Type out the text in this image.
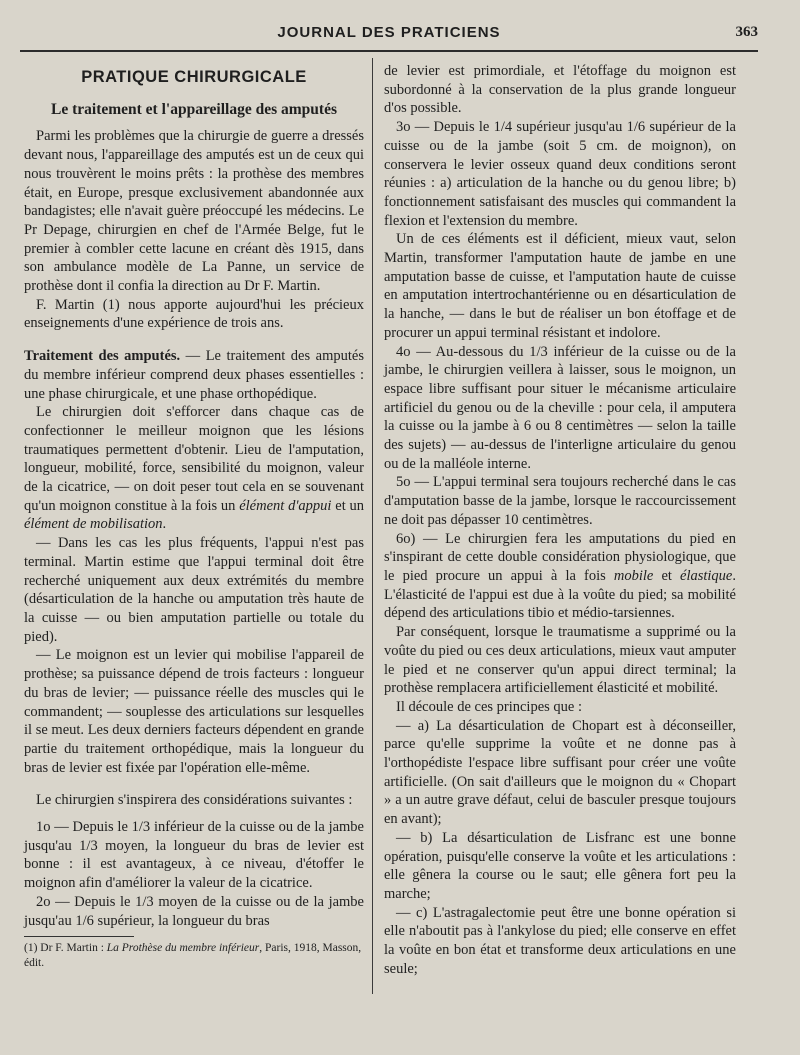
JOURNAL DES PRATICIENS	363
PRATIQUE CHIRURGICALE
Le traitement et l'appareillage des amputés

Parmi les problèmes que la chirurgie de guerre a dressés devant nous, l'appareillage des amputés est un de ceux qui nous trouvèrent le moins prêts : la prothèse des membres était, en Europe, presque exclusivement abandonnée aux bandagistes; elle n'avait guère préoccupé les médecins. Le Pr Depage, chirurgien en chef de l'Armée Belge, fut le premier à combler cette lacune en créant dès 1915, dans son ambulance modèle de La Panne, un service de prothèse dont il confia la direction au Dr F. Martin.

F. Martin (1) nous apporte aujourd'hui les précieux enseignements d'une expérience de trois ans.

Traitement des amputés. — Le traitement des amputés du membre inférieur comprend deux phases essentielles : une phase chirurgicale, et une phase orthopédique.

Le chirurgien doit s'efforcer dans chaque cas de confectionner le meilleur moignon que les lésions traumatiques permettent d'obtenir. Lieu de l'amputation, longueur, mobilité, force, sensibilité du moignon, valeur de la cicatrice, — on doit peser tout cela en se souvenant qu'un moignon constitue à la fois un élément d'appui et un élément de mobilisation.

— Dans les cas les plus fréquents, l'appui n'est pas terminal. Martin estime que l'appui terminal doit être recherché uniquement aux deux extrémités du membre (désarticulation de la hanche ou amputation très haute de la cuisse — ou bien amputation partielle ou totale du pied).

— Le moignon est un levier qui mobilise l'appareil de prothèse; sa puissance dépend de trois facteurs : longueur du bras de levier; — puissance réelle des muscles qui le commandent; — souplesse des articulations sur lesquelles il se meut. Les deux derniers facteurs dépendent en grande partie du traitement orthopédique, mais la longueur du bras de levier est fixée par l'opération elle-même.

Le chirurgien s'inspirera des considérations suivantes :

1o — Depuis le 1/3 inférieur de la cuisse ou de la jambe jusqu'au 1/3 moyen, la longueur du bras de levier est bonne : il est avantageux, à ce niveau, d'étoffer le moignon afin d'améliorer la valeur de la cicatrice.

2o — Depuis le 1/3 moyen de la cuisse ou de la jambe jusqu'au 1/6 supérieur, la longueur du bras

(1) Dr F. Martin : La Prothèse du membre inférieur, Paris, 1918, Masson, édit.

de levier est primordiale, et l'étoffage du moignon est subordonné à la conservation de la plus grande longueur d'os possible.

3o — Depuis le 1/4 supérieur jusqu'au 1/6 supérieur de la cuisse ou de la jambe (soit 5 cm. de moignon), on conservera le levier osseux quand deux conditions seront réunies : a) articulation de la hanche ou du genou libre; b) fonctionnement satisfaisant des muscles qui commandent la flexion et l'extension du membre.

Un de ces éléments est il déficient, mieux vaut, selon Martin, transformer l'amputation haute de jambe en une amputation basse de cuisse, et l'amputation haute de cuisse en amputation intertrochantérienne ou en désarticulation de la hanche, — dans le but de réaliser un bon étoffage et de procurer un appui terminal résistant et indolore.

4o — Au-dessous du 1/3 inférieur de la cuisse ou de la jambe, le chirurgien veillera à laisser, sous le moignon, un espace libre suffisant pour situer le mécanisme articulaire artificiel du genou ou de la cheville : pour cela, il amputera la cuisse ou la jambe à 6 ou 8 centimètres — selon la taille des sujets) — au-dessus de l'interligne articulaire du genou ou de la malléole interne.

5o — L'appui terminal sera toujours recherché dans le cas d'amputation basse de la jambe, lorsque le raccourcissement ne doit pas dépasser 10 centimètres.

6o) — Le chirurgien fera les amputations du pied en s'inspirant de cette double considération physiologique, que le pied procure un appui à la fois mobile et élastique. L'élasticité de l'appui est due à la voûte du pied; sa mobilité dépend des articulations tibio et médio-tarsiennes.

Par conséquent, lorsque le traumatisme a supprimé ou la voûte du pied ou ces deux articulations, mieux vaut amputer le pied et ne conserver qu'un appui direct terminal; la prothèse remplacera artificiellement élasticité et mobilité.

Il découle de ces principes que :

— a) La désarticulation de Chopart est à déconseiller, parce qu'elle supprime la voûte et ne donne pas à l'orthopédiste l'espace libre suffisant pour créer une voûte artificielle. (On sait d'ailleurs que le moignon du « Chopart » a un autre grave défaut, celui de basculer presque toujours en avant);

— b) La désarticulation de Lisfranc est une bonne opération, puisqu'elle conserve la voûte et les articulations : elle gênera la course ou le saut; elle gênera fort peu la marche;

— c) L'astragalectomie peut être une bonne opération si elle n'aboutit pas à l'ankylose du pied; elle conserve en effet la voûte en bon état et transforme deux articulations en une seule;
